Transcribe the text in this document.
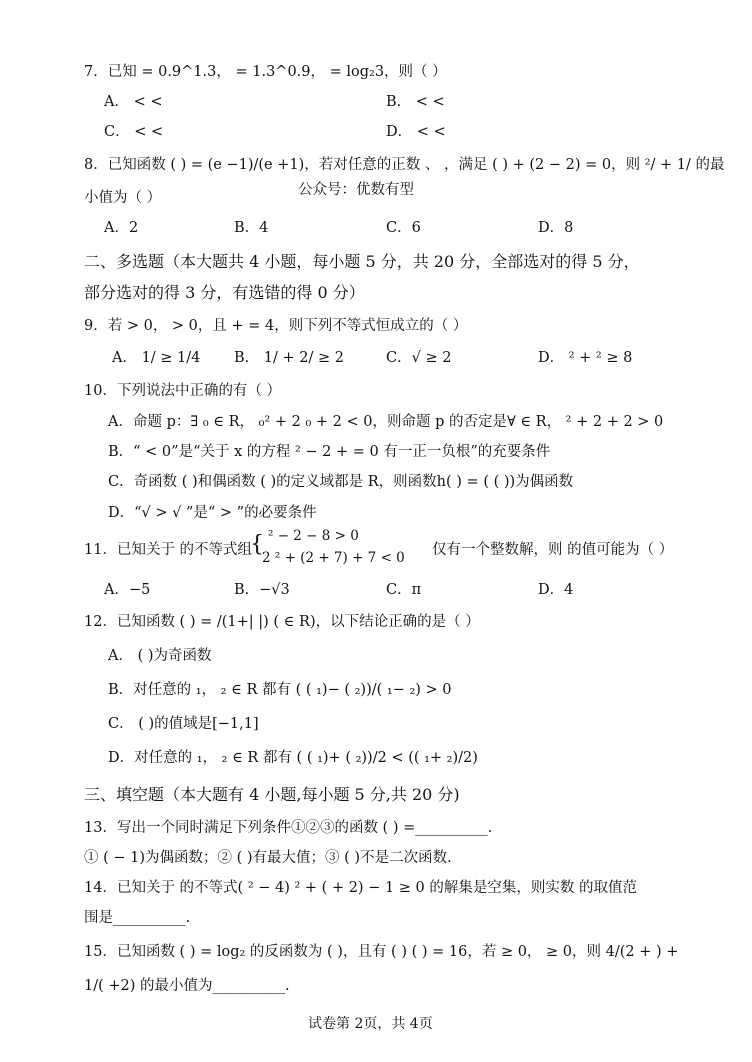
7．已知 = 0.9^1.3， = 1.3^0.9， = log₂3，则（ ）
A． < <	B． < <
C． < <	D． < <
8．已知函数 ( ) = (e −1)/(e +1)，若对任意的正数 、 ，满足 ( ) + (2 − 2) = 0，则 ²/ + 1/ 的最
公众号：优数有型
小值为（ ）
A．2	B．4	C．6	D．8
二、多选题（本大题共 4 小题，每小题 5 分，共 20 分，全部选对的得 5 分，
部分选对的得 3 分，有选错的得 0 分）
9．若 > 0， > 0，且 + = 4，则下列不等式恒成立的（ ）
A． 1/ ≥ 1/4 B． 1/ + 2/ ≥ 2	C．√ ≥ 2	D． ² + ² ≥ 8
10．下列说法中正确的有（ ）
A．命题 p：∃ ₀ ∈ R， ₀² + 2 ₀ + 2 < 0，则命题 p 的否定是∀ ∈ R， ² + 2 + 2 > 0
B．“ < 0”是“关于 x 的方程 ² − 2 + = 0 有一正一负根”的充要条件
C．奇函数 ( )和偶函数 ( )的定义域都是 R，则函数h( ) = ( ( ))为偶函数
D．“√ > √ ”是“ > ”的必要条件
11．已知关于 的不等式组
{ ² − 2 − 8 > 0
2 ² + (2 + 7) + 7 < 0 仅有一个整数解，则 的值可能为（ ）
A．−5	B．−√3	C．π	D．4
12．已知函数 ( ) = /(1+| |) ( ∈ R)，以下结论正确的是（ ）
A． ( )为奇函数
B．对任意的 ₁， ₂ ∈ R 都有 ( ( ₁)− ( ₂))/( ₁− ₂) > 0
C． ( )的值域是[−1,1]
D．对任意的 ₁， ₂ ∈ R 都有 ( ( ₁)+ ( ₂))/2 < (( ₁+ ₂)/2)
三、填空题（本大题有 4 小题,每小题 5 分,共 20 分)
13．写出一个同时满足下列条件①②③的函数 ( ) =__________.
① ( − 1)为偶函数；② ( )有最大值；③ ( )不是二次函数.
14．已知关于 的不等式( ² − 4) ² + ( + 2) − 1 ≥ 0 的解集是空集，则实数 的取值范
围是__________.
15．已知函数 ( ) = log₂ 的反函数为 ( )，且有 ( ) ( ) = 16，若 ≥ 0， ≥ 0，则 4/(2 + ) +
1/( +2) 的最小值为__________.
试卷第 2页，共 4页
